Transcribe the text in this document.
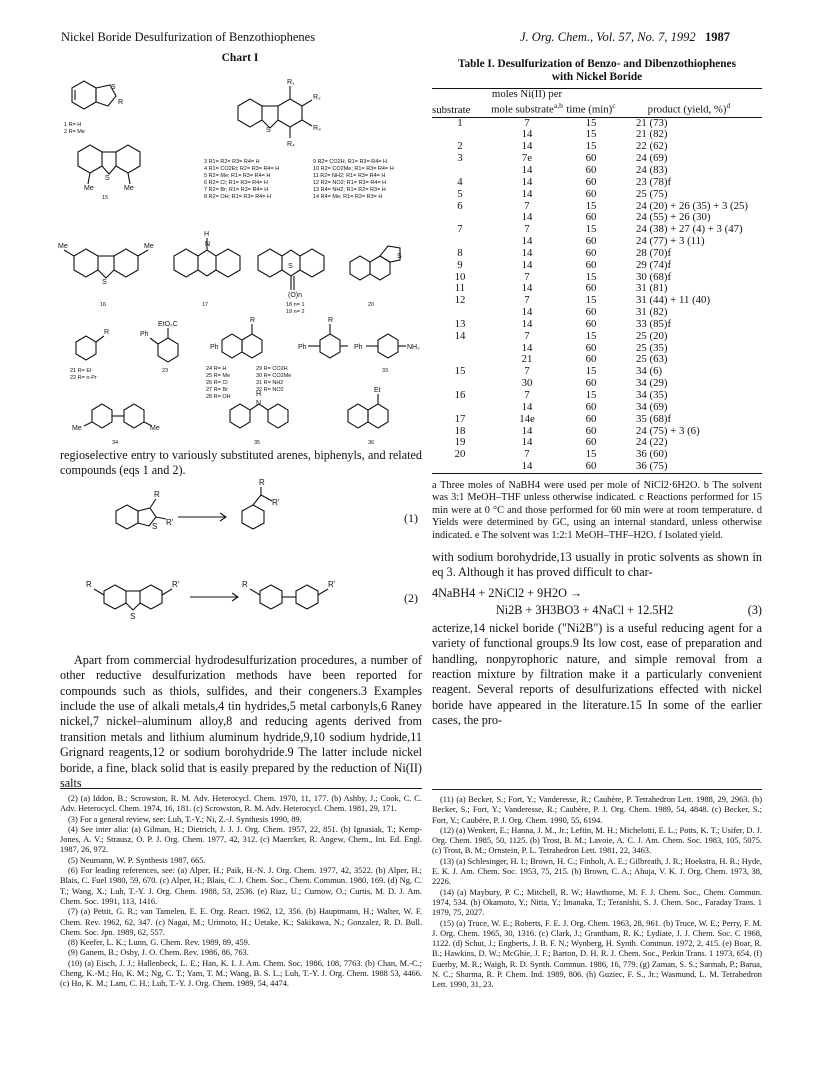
Nickel Boride Desulfurization of Benzothiophenes	J. Org. Chem., Vol. 57, No. 7, 1992 1987
Chart I
S
R
S
Me	Me
S
R₁
R₂
R₃
R₄
S
Me	Me
H
N
(O)n
S
S
R	Ph
EtO₂C
Ph
R
Ph
R
Ph	NH₂
Me	Me
H
N
Et
1 R= H
2 R= Me
15
3 R1= R2= R3= R4= H
4 R1= CO2Et; R2= R3= R4= H
5 R2= Me; R1= R3= R4= H
6 R2= Cl; R1= R3= R4= H
7 R2= Br; R1= R3= R4= H
8 R2= OH; R1= R3= R4= H
9 R2= CO2H; R1= R3= R4= H
10 R2= CO2Me; R1= R3= R4= H
11 R2= NH2; R1= R3= R4= H
12 R2= NO2; R1= R3= R4= H
13 R4= NH2; R1= R2= R3= H
14 R4= Me; R1= R2= R3= H
16	17	18 n= 1
19 n= 2
20
21 R= Et
22 R= n-Pr
23	24 R= H
25 R= Me
26 R= Cl
27 R= Br
28 R= OH
29 R= CO2H
30 R= CO2Me
31 R= NH2
32 R= NO2
33
34	35	36

regioselective entry to variously substituted arenes, biphenyls, and related compounds (eqs 1 and 2).

R
S R'
R
R'
R
S
R'	R	R'
(1)
(2)

Apart from commercial hydrodesulfurization procedures, a number of other reductive desulfurization methods have been reported for compounds such as thiols, sulfides, and their congeners.3 Examples include the use of alkali metals,4 tin hydrides,5 metal carbonyls,6 Raney nickel,7 nickel–aluminum alloy,8 and reducing agents derived from transition metals and lithium aluminum hydride,9,10 sodium hydride,11 Grignard reagents,12 or sodium borohydride.9 The latter include nickel boride, a fine, black solid that is easily prepared by the reduction of Ni(II) salts

(2) (a) Iddon, B.; Scrowston, R. M. Adv. Heterocycl. Chem. 1970, 11, 177. (b) Ashby, J.; Cook, C. C. Adv. Heterocycl. Chem. 1974, 16, 181. (c) Scrowston, R. M. Adv. Heterocycl. Chem. 1981, 29, 171.

(3) For a general review, see: Luh, T.-Y.; Ni, Z.-J. Synthesis 1990, 89.

(4) See inter alia: (a) Gilman, H.; Dietrich, J. J. J. Org. Chem. 1957, 22, 851. (b) Ignasiak, T.; Kemp-Jones, A. V.; Strausz, O. P. J. Org. Chem. 1977, 42, 312. (c) Maercker, R. Angew, Chem., Int. Ed. Engl. 1987, 26, 972.

(5) Neumann, W. P. Synthesis 1987, 665.

(6) For leading references, see: (a) Alper, H.; Paik, H.-N. J. Org. Chem. 1977, 42, 3522. (b) Alper, H.; Blais, C. Fuel 1980, 59, 670. (c) Alper, H.; Blais, C. J. Chem. Soc., Chem. Commun. 1980, 169. (d) Ng, C. T.; Wang, X.; Luh, T.-Y. J. Org. Chem. 1988, 53, 2536. (e) Riaz, U.; Curnow, O.; Curtis, M. D. J. Am. Chem. Soc. 1991, 113, 1416.

(7) (a) Pettit, G. R.; van Tamelen, E. E. Org. React. 1962, 12, 356. (b) Hauptmann, H.; Walter, W. F. Chem. Rev. 1962, 62, 347. (c) Nagai, M.; Urimoto, H.; Uetake, K.; Sakikawa, N.; Gonzalez, R. D. Bull. Chem. Soc. Jpn. 1989, 62, 557.

(8) Keefer, L. K.; Lunn, G. Chem. Rev. 1989, 89, 459.

(9) Ganem, B.; Osby, J. O. Chem. Rev. 1986, 86, 763.

(10) (a) Eisch, J. J.; Hallenbeck, L. E.; Han, K. I. J. Am. Chem. Soc. 1986, 108, 7763. (b) Chan, M.-C.; Cheng, K.-M.; Ho, K. M.; Ng, C. T.; Yam, T. M.; Wang, B. S. L.; Luh, T.-Y. J. Org. Chem. 1988 53, 4466. (c) Ho, K. M.; Lam, C. H.; Luh, T.-Y. J. Org. Chem. 1989, 54, 4474.

Table I. Desulfurization of Benzo- and Dibenzothiophenes
with Nickel Boride
substrate	moles Ni(II) per mole substrate$^{a,b}$	time $(\min)^c$	product (yield, %)$^d$
1	7	15	21 (73)
	14	15	21 (82)
2	14	15	22 (62)
3	7e	60	24 (69)
	14	60	24 (83)
4	14	60	23 (78)f
5	14	60	25 (75)
6	7	15	24 (20) + 26 (35) + 3 (25)
	14	60	24 (55) + 26 (30)
7	7	15	24 (38) + 27 (4) + 3 (47)
	14	60	24 (77) + 3 (11)
8	14	60	28 (70)f
9	14	60	29 (74)f
10	7	15	30 (68)f
11	14	60	31 (81)
12	7	15	31 (44) + 11 (40)
	14	60	31 (82)
13	14	60	33 (85)f
14	7	15	25 (20)
	14	60	25 (35)
	21	60	25 (63)
15	7	15	34 (6)
	30	60	34 (29)
16	7	15	34 (35)
	14	60	34 (69)
17	14e	60	35 (68)f
18	14	60	24 (75) + 3 (6)
19	14	60	24 (22)
20	7	15	36 (60)
	14	60	36 (75)
a Three moles of NaBH4 were used per mole of NiCl2·6H2O. b The solvent was 3:1 MeOH–THF unless otherwise indicated. c Reactions performed for 15 min were at 0 °C and those performed for 60 min were at room temperature. d Yields were determined by GC, using an internal standard, unless otherwise indicated. e The solvent was 1:2:1 MeOH–THF–H2O. f Isolated yield.
with sodium borohydride,13 usually in protic solvents as shown in eq 3. Although it has proved difficult to char-
4NaBH4 + 2NiCl2 + 9H2O →
Ni2B + 3H3BO3 + 4NaCl + 12.5H2	(3)
acterize,14 nickel boride ("Ni2B") is a useful reducing agent for a variety of functional groups.9 Its low cost, ease of preparation and handling, nonpyrophoric nature, and simple removal from a reaction mixture by filtration make it a particularly convenient reagent. Several reports of desulfurizations effected with nickel boride have appeared in the literature.15 In some of the earlier cases, the pro-

(11) (a) Becker, S.; Fort, Y.; Vanderesse, R.; Caubère, P. Tetrahedron Lett. 1988, 29, 2963. (b) Becker, S.; Fort, Y.; Vanderesse, R.; Caubère, P. J. Org. Chem. 1989, 54, 4848. (c) Becker, S.; Fort, Y.; Caubère, P. J. Org. Chem. 1990, 55, 6194.

(12) (a) Wenkert, E.; Hanna, J. M., Jr.; Leftin, M. H.; Michelotti, E. L.; Potts, K. T.; Usifer, D. J. Org. Chem. 1985, 50, 1125. (b) Trost, B. M.; Lavoie, A. C. J. Am. Chem. Soc. 1983, 105, 5075. (c) Trost, B. M.; Ornstein, P. L. Tetrahedron Lett. 1981, 22, 3463.

(13) (a) Schlesinger, H. I.; Brown, H. C.; Finholt, A. E.; Gilbreath, J. R.; Hoekstra, H. R.; Hyde, E. K. J. Am. Chem. Soc. 1953, 75, 215. (b) Brown, C. A.; Ahuja, V. K. J. Org. Chem. 1973, 38, 2226.

(14) (a) Maybury, P. C.; Mitchell, R. W.; Hawthorne, M. F. J. Chem. Soc., Chem. Commun. 1974, 534. (b) Okamoto, Y.; Nitta, Y.; Imanaka, T.; Teranishi, S. J. Chem. Soc., Faraday Trans. 1 1979, 75, 2027.

(15) (a) Truce, W. E.; Roberts, F. E. J. Org. Chem. 1963, 28, 961. (b) Truce, W. E.; Perry, F. M. J. Org. Chem. 1965, 30, 1316. (c) Clark, J.; Grantham, R. K.; Lydiate, J. J. Chem. Soc. C 1968, 1122. (d) Schut, J.; Engberts, J. B. F. N.; Wynberg, H. Synth. Commun. 1972, 2, 415. (e) Boar, R. B.; Hawkins, D. W.; McGhie, J. F.; Barton, D. H. R. J. Chem. Soc., Perkin Trans. 1 1973, 654. (f) Euerby, M. R.; Waigh, R. D. Synth. Commun. 1986, 16, 779. (g) Zaman, S. S.; Sarmah, P.; Barua, N. C.; Sharma, R. P. Chem. Ind. 1989, 806. (h) Guziec, F. S., Jr.; Wasmund, L. M. Tetrahedron Lett. 1990, 31, 23.
